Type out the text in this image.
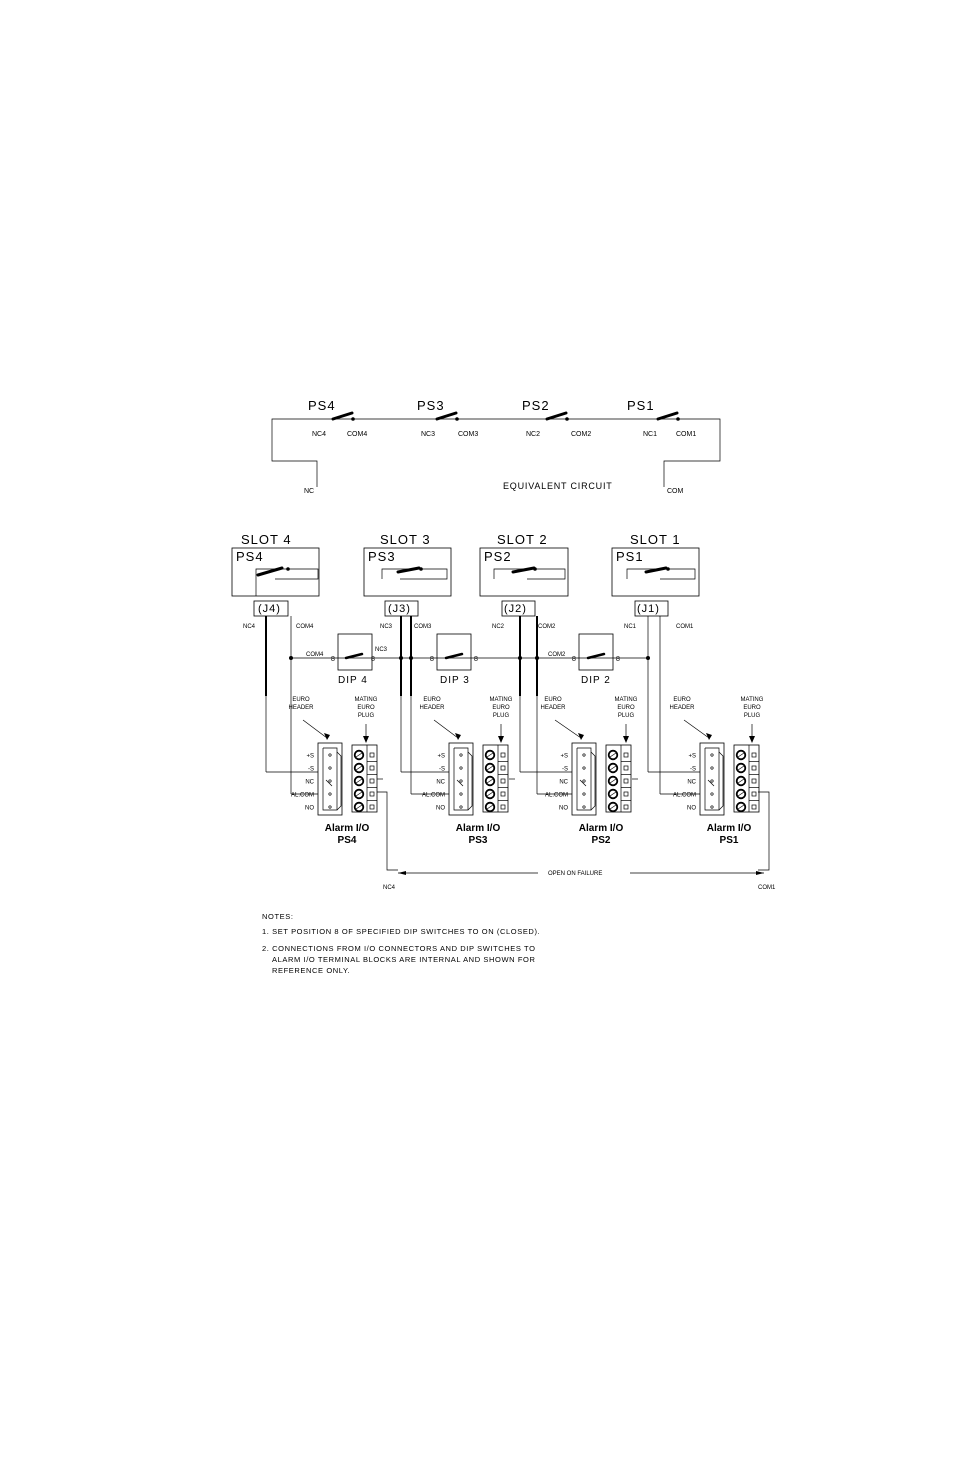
PS4
NC4	COM4
PS3
NC3	COM3
PS2
NC2	COM2
PS1
NC1	COM1
NC	COM
EQUIVALENT CIRCUIT
SLOT 4
PS4
(J4)
NC4	COM4
SLOT 3
PS3
(J3)
NC3	COM3
SLOT 2
PS2
(J2)
NC2	COM2
SLOT 1
PS1
(J1)
NC1	COM1
COM4
NC3
8	8
DIP 4
8	8
DIP 3
COM2
8	8
DIP 2
EURO
HEADER
MATING
EURO
PLUG
+S
-S
NC
AL.COM
NO
Alarm I/O
PS4
EURO
HEADER
MATING
EURO
PLUG
+S
-S
NC
AL.COM
NO
Alarm I/O
PS3
EURO
HEADER
MATING
EURO
PLUG
+S
-S
NC
AL.COM
NO
Alarm I/O
PS2
EURO
HEADER
MATING
EURO
PLUG
+S
-S
NC
AL.COM
NO
Alarm I/O
PS1
OPEN ON FAILURE
NC4	COM1
NOTES:
1. SET POSITION 8 OF SPECIFIED DIP SWITCHES TO ON (CLOSED).
2. CONNECTIONS FROM I/O CONNECTORS AND DIP SWITCHES TO
ALARM I/O TERMINAL BLOCKS ARE INTERNAL AND SHOWN FOR
REFERENCE ONLY.
